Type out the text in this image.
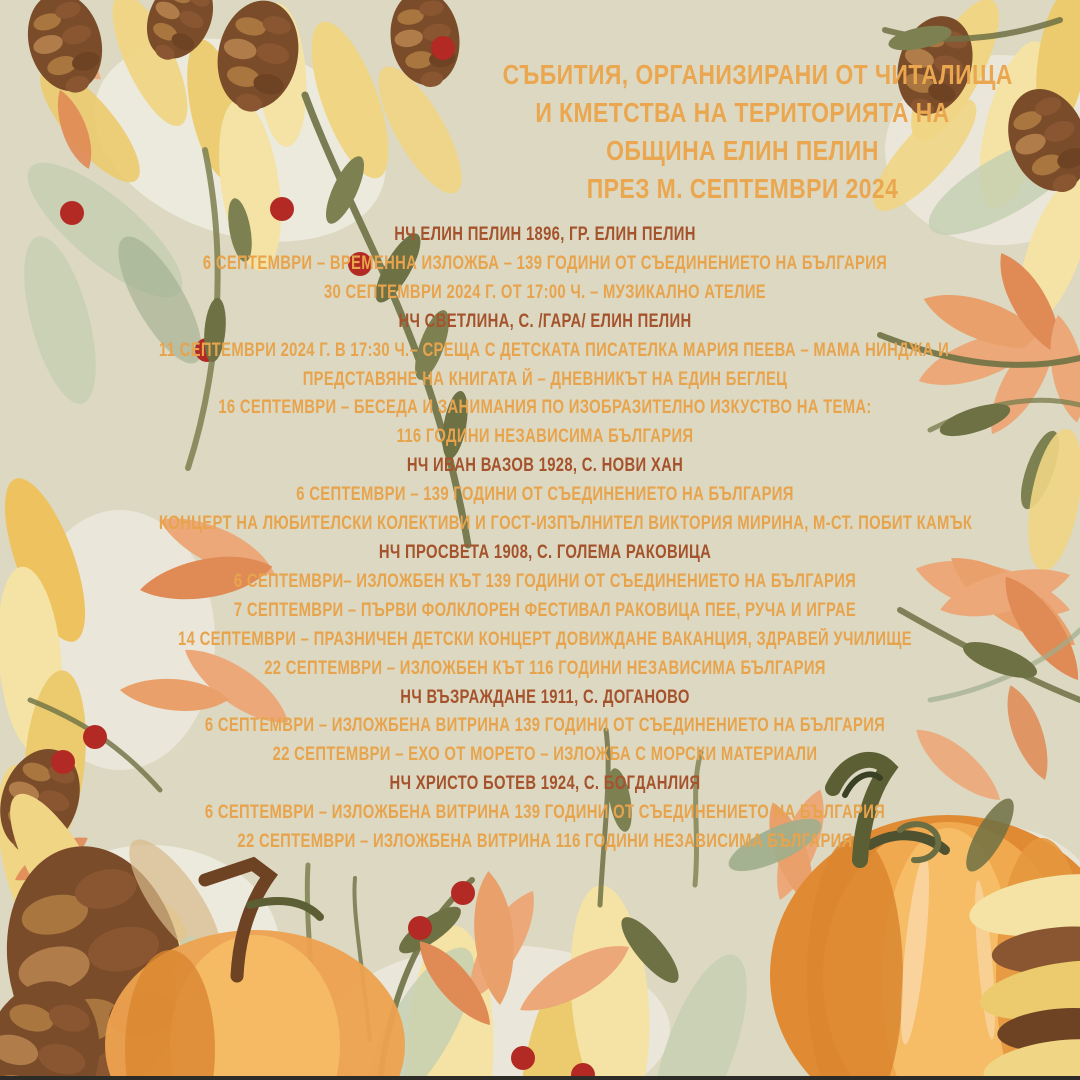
СЪБИТИЯ, ОРГАНИЗИРАНИ ОТ ЧИТАЛИЩА
И КМЕТСТВА НА ТЕРИТОРИЯТА НА
ОБЩИНА ЕЛИН ПЕЛИН
ПРЕЗ М. СЕПТЕМВРИ 2024
НЧ ЕЛИН ПЕЛИН 1896, ГР. ЕЛИН ПЕЛИН
6 СЕПТЕМВРИ – ВРЕМЕННА ИЗЛОЖБА – 139 ГОДИНИ ОТ СЪЕДИНЕНИЕТО НА БЪЛГАРИЯ
30 СЕПТЕМВРИ 2024 Г. ОТ 17:00 Ч. – МУЗИКАЛНО АТЕЛИЕ
НЧ СВЕТЛИНА, С. /ГАРА/ ЕЛИН ПЕЛИН
11 СЕПТЕМВРИ 2024 Г. В 17:30 Ч.– СРЕЩА С ДЕТСКАТА ПИСАТЕЛКА МАРИЯ ПЕЕВА – МАМА НИНДЖА И
ПРЕДСТАВЯНЕ НА КНИГАТА Й – ДНЕВНИКЪТ НА ЕДИН БЕГЛЕЦ
16 СЕПТЕМВРИ – БЕСЕДА И ЗАНИМАНИЯ ПО ИЗОБРАЗИТЕЛНО ИЗКУСТВО НА ТЕМА:
116 ГОДИНИ НЕЗАВИСИМА БЪЛГАРИЯ
НЧ ИВАН ВАЗОВ 1928, С. НОВИ ХАН
6 СЕПТЕМВРИ – 139 ГОДИНИ ОТ СЪЕДИНЕНИЕТО НА БЪЛГАРИЯ
КОНЦЕРТ НА ЛЮБИТЕЛСКИ КОЛЕКТИВИ И ГОСТ-ИЗПЪЛНИТЕЛ ВИКТОРИЯ МИРИНА, М-СТ. ПОБИТ КАМЪК
НЧ ПРОСВЕТА 1908, С. ГОЛЕМА РАКОВИЦА
6 СЕПТЕМВРИ– ИЗЛОЖБЕН КЪТ 139 ГОДИНИ ОТ СЪЕДИНЕНИЕТО НА БЪЛГАРИЯ
7 СЕПТЕМВРИ – ПЪРВИ ФОЛКЛОРЕН ФЕСТИВАЛ РАКОВИЦА ПЕЕ, РУЧА И ИГРАЕ
14 СЕПТЕМВРИ – ПРАЗНИЧЕН ДЕТСКИ КОНЦЕРТ ДОВИЖДАНЕ ВАКАНЦИЯ, ЗДРАВЕЙ УЧИЛИЩЕ
22 СЕПТЕМВРИ – ИЗЛОЖБЕН КЪТ 116 ГОДИНИ НЕЗАВИСИМА БЪЛГАРИЯ
НЧ ВЪЗРАЖДАНЕ 1911, С. ДОГАНОВО
6 СЕПТЕМВРИ – ИЗЛОЖБЕНА ВИТРИНА 139 ГОДИНИ ОТ СЪЕДИНЕНИЕТО НА БЪЛГАРИЯ
22 СЕПТЕМВРИ – ЕХО ОТ МОРЕТО – ИЗЛОЖБА С МОРСКИ МАТЕРИАЛИ
НЧ ХРИСТО БОТЕВ 1924, С. БОГДАНЛИЯ
6 СЕПТЕМВРИ – ИЗЛОЖБЕНА ВИТРИНА 139 ГОДИНИ ОТ СЪЕДИНЕНИЕТО НА БЪЛГАРИЯ
22 СЕПТЕМВРИ – ИЗЛОЖБЕНА ВИТРИНА 116 ГОДИНИ НЕЗАВИСИМА БЪЛГАРИЯ
